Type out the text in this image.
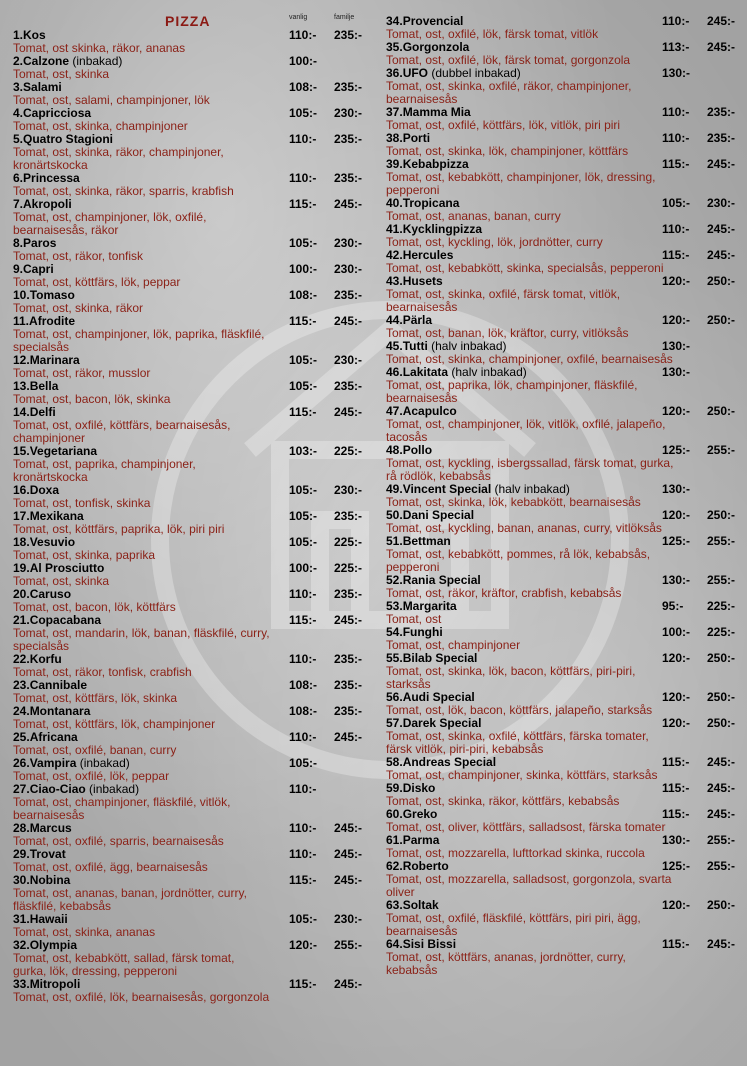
PIZZA	vanlig	familje
1.Kos	110:- 235:-
Tomat, ost skinka, räkor, ananas
2.Calzone (inbakad)	100:-
Tomat, ost, skinka
3.Salami	108:- 235:-
Tomat, ost, salami, champinjoner, lök
4.Capricciosa	105:- 230:-
Tomat, ost, skinka, champinjoner
5.Quatro Stagioni	110:- 235:-
Tomat, ost, skinka, räkor, champinjoner, kronärtskocka
6.Princessa	110:- 235:-
Tomat, ost, skinka, räkor, sparris, krabfish
7.Akropoli	115:- 245:-
Tomat, ost, champinjoner, lök, oxfilé, bearnaisesås, räkor
8.Paros	105:- 230:-
Tomat, ost, räkor, tonfisk
9.Capri	100:- 230:-
Tomat, ost, köttfärs, lök, peppar
10.Tomaso	108:- 235:-
Tomat, ost, skinka, räkor
11.Afrodite	115:- 245:-
Tomat, ost, champinjoner, lök, paprika, fläskfilé, specialsås
12.Marinara	105:- 230:-
Tomat, ost, räkor, musslor
13.Bella	105:- 235:-
Tomat, ost, bacon, lök, skinka
14.Delfi	115:- 245:-
Tomat, ost, oxfilé, köttfärs, bearnaisesås, champinjoner
15.Vegetariana	103:- 225:-
Tomat, ost, paprika, champinjoner, kronärtskocka
16.Doxa	105:- 230:-
Tomat, ost, tonfisk, skinka
17.Mexikana	105:- 235:-
Tomat, ost, köttfärs, paprika, lök, piri piri
18.Vesuvio	105:- 225:-
Tomat, ost, skinka, paprika
19.Al Prosciutto	100:- 225:-
Tomat, ost, skinka
20.Caruso	110:- 235:-
Tomat, ost, bacon, lök, köttfärs
21.Copacabana	115:- 245:-
Tomat, ost, mandarin, lök, banan, fläskfilé, curry, specialsås
22.Korfu	110:- 235:-
Tomat, ost, räkor, tonfisk, crabfish
23.Cannibale	108:- 235:-
Tomat, ost, köttfärs, lök, skinka
24.Montanara	108:- 235:-
Tomat, ost, köttfärs, lök, champinjoner
25.Africana	110:- 245:-
Tomat, ost, oxfilé, banan, curry
26.Vampira (inbakad)	105:-
Tomat, ost, oxfilé, lök, peppar
27.Ciao-Ciao (inbakad)	110:-
Tomat, ost, champinjoner, fläskfilé, vitlök, bearnaisesås
28.Marcus	110:- 245:-
Tomat, ost, oxfilé, sparris, bearnaisesås
29.Trovat	110:- 245:-
Tomat, ost, oxfilé, ägg, bearnaisesås
30.Nobina	115:- 245:-
Tomat, ost, ananas, banan, jordnötter, curry, fläskfilé, kebabsås
31.Hawaii	105:- 230:-
Tomat, ost, skinka, ananas
32.Olympia	120:- 255:-
Tomat, ost, kebabkött, sallad, färsk tomat, gurka, lök, dressing, pepperoni
33.Mitropoli	115:- 245:-
Tomat, ost, oxfilé, lök, bearnaisesås, gorgonzola
34.Provencial	110:- 245:-
Tomat, ost, oxfilé, lök, färsk tomat, vitlök
35.Gorgonzola	113:- 245:-
Tomat, ost, oxfilé, lök, färsk tomat, gorgonzola
36.UFO (dubbel inbakad)	130:-
Tomat, ost, skinka, oxfilé, räkor, champinjoner, bearnaisesås
37.Mamma Mia	110:- 235:-
Tomat, ost, oxfilé, köttfärs, lök, vitlök, piri piri
38.Porti	110:- 235:-
Tomat, ost, skinka, lök, champinjoner, köttfärs
39.Kebabpizza	115:- 245:-
Tomat, ost, kebabkött, champinjoner, lök, dressing, pepperoni
40.Tropicana	105:- 230:-
Tomat, ost, ananas, banan, curry
41.Kycklingpizza	110:- 245:-
Tomat, ost, kyckling, lök, jordnötter, curry
42.Hercules	115:- 245:-
Tomat, ost, kebabkött, skinka, specialsås, pepperoni
43.Husets	120:- 250:-
Tomat, ost, skinka, oxfilé, färsk tomat, vitlök, bearnaisesås
44.Pärla	120:- 250:-
Tomat, ost, banan, lök, kräftor, curry, vitlöksås
45.Tutti (halv inbakad)	130:-
Tomat, ost, skinka, champinjoner, oxfilé, bearnaisesås
46.Lakitata (halv inbakad)	130:-
Tomat, ost, paprika, lök, champinjoner, fläskfilé, bearnaisesås
47.Acapulco	120:- 250:-
Tomat, ost, champinjoner, lök, vitlök, oxfilé, jalapeño, tacosås
48.Pollo	125:- 255:-
Tomat, ost, kyckling, isbergssallad, färsk tomat, gurka, rå rödlök, kebabsås
49.Vincent Special (halv inbakad)	130:-
Tomat, ost, skinka, lök, kebabkött, bearnaisesås
50.Dani Special	120:- 250:-
Tomat, ost, kyckling, banan, ananas, curry, vitlöksås
51.Bettman	125:- 255:-
Tomat, ost, kebabkött, pommes, rå lök, kebabsås, pepperoni
52.Rania Special	130:- 255:-
Tomat, ost, räkor, kräftor, crabfish, kebabsås
53.Margarita	95:- 225:-
Tomat, ost
54.Funghi	100:- 225:-
Tomat, ost, champinjoner
55.Bilab Special	120:- 250:-
Tomat, ost, skinka, lök, bacon, köttfärs, piri-piri, starksås
56.Audi Special	120:- 250:-
Tomat, ost, lök, bacon, köttfärs, jalapeño, starksås
57.Darek Special	120:- 250:-
Tomat, ost, skinka, oxfilé, köttfärs, färska tomater, färsk vitlök, piri-piri, kebabsås
58.Andreas Special	115:- 245:-
Tomat, ost, champinjoner, skinka, köttfärs, starksås
59.Disko	115:- 245:-
Tomat, ost, skinka, räkor, köttfärs, kebabsås
60.Greko	115:- 245:-
Tomat, ost, oliver, köttfärs, salladsost, färska tomater
61.Parma	130:- 255:-
Tomat, ost, mozzarella, lufttorkad skinka, ruccola
62.Roberto	125:- 255:-
Tomat, ost, mozzarella, salladsost, gorgonzola, svarta oliver
63.Soltak	120:- 250:-
Tomat, ost, oxfilé, fläskfilé, köttfärs, piri piri, ägg, bearnaisesås
64.Sisi Bissi	115:- 245:-
Tomat, ost, köttfärs, ananas, jordnötter, curry, kebabsås
